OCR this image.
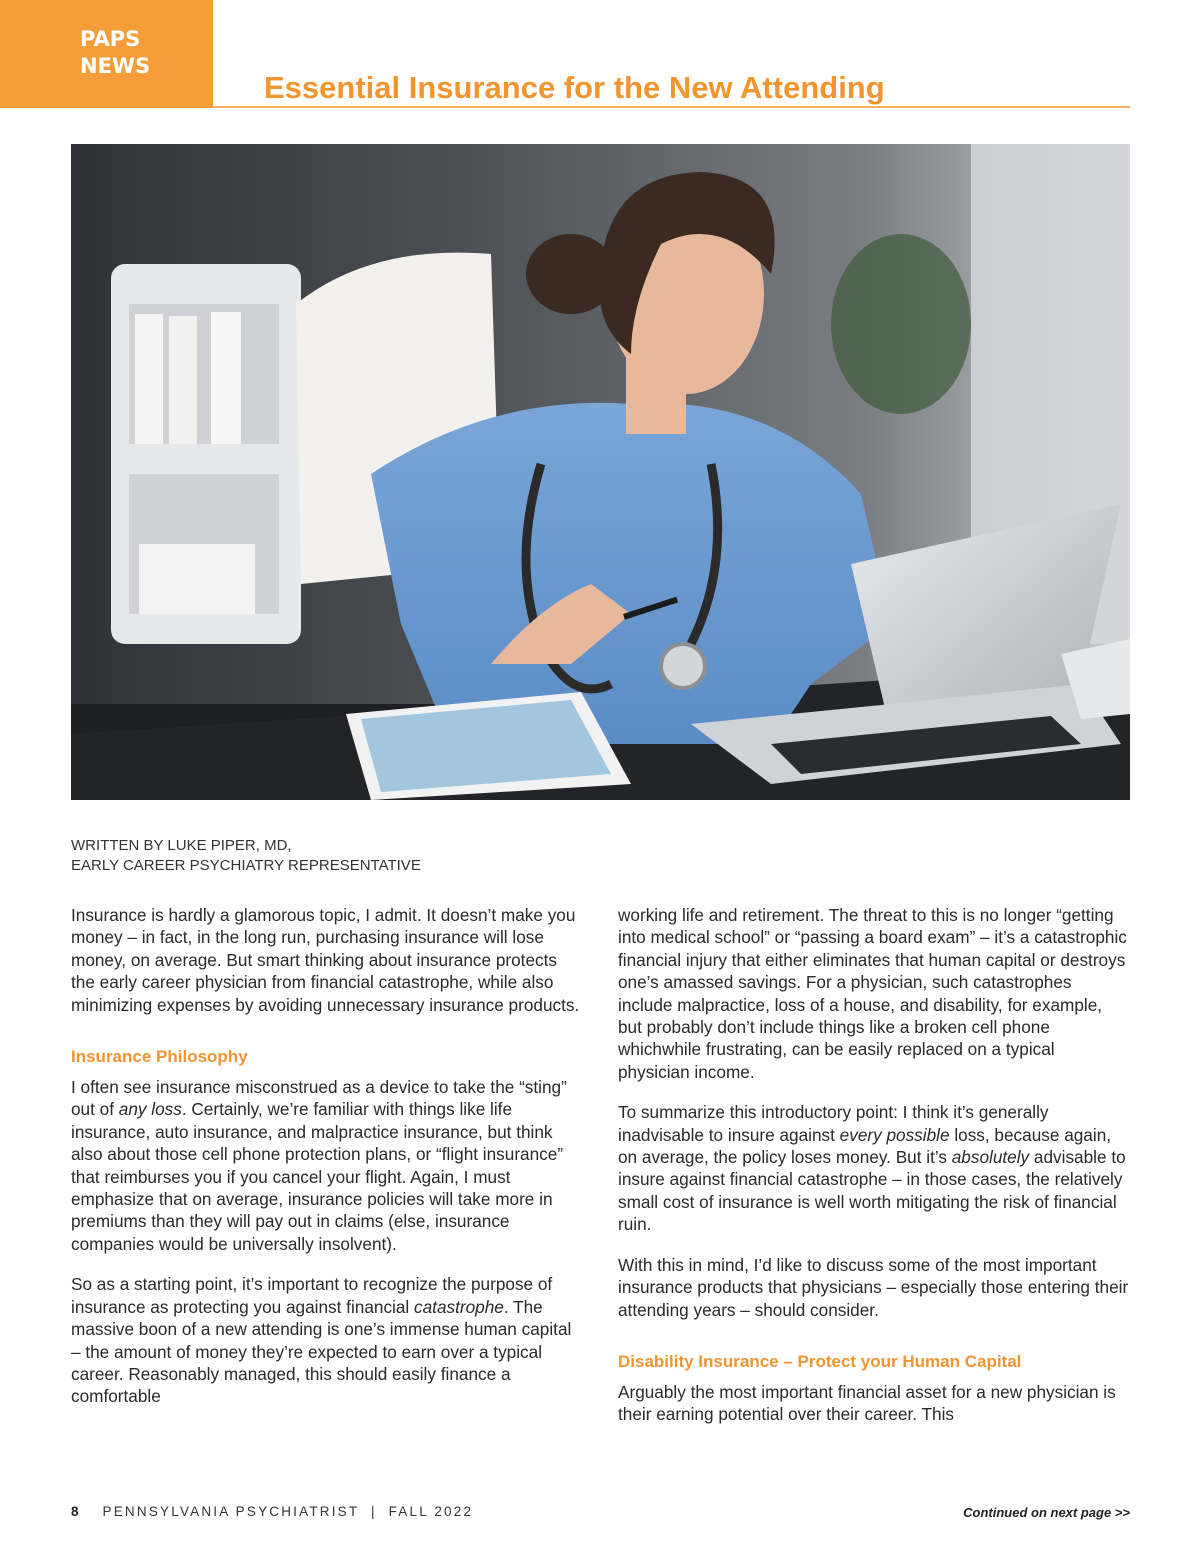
PAPS
NEWS
Essential Insurance for the New Attending
WRITTEN BY LUKE PIPER, MD,
EARLY CAREER PSYCHIATRY REPRESENTATIVE

Insurance is hardly a glamorous topic, I admit. It doesn’t make you money – in fact, in the long run, purchasing insurance will lose money, on average. But smart thinking about insurance protects the early career physician from financial catastrophe, while also minimizing expenses by avoiding unnecessary insurance products.

Insurance Philosophy

I often see insurance misconstrued as a device to take the “sting” out of any loss. Certainly, we’re familiar with things like life insurance, auto insurance, and malpractice insurance, but think also about those cell phone protection plans, or “flight insurance” that reimburses you if you cancel your flight. Again, I must emphasize that on average, insurance policies will take more in premiums than they will pay out in claims (else, insurance companies would be universally insolvent).

So as a starting point, it’s important to recognize the purpose of insurance as protecting you against financial catastrophe. The massive boon of a new attending is one’s immense human capital – the amount of money they’re expected to earn over a typical career. Reasonably managed, this should easily finance a comfortable

working life and retirement. The threat to this is no longer “getting into medical school” or “passing a board exam” – it’s a catastrophic financial injury that either eliminates that human capital or destroys one’s amassed savings. For a physician, such catastrophes include malpractice, loss of a house, and disability, for example, but probably don’t include things like a broken cell phone whichwhile frustrating, can be easily replaced on a typical physician income.

To summarize this introductory point: I think it’s generally inadvisable to insure against every possible loss, because again, on average, the policy loses money. But it’s absolutely advisable to insure against financial catastrophe – in those cases, the relatively small cost of insurance is well worth mitigating the risk of financial ruin.

With this in mind, I’d like to discuss some of the most important insurance products that physicians – especially those entering their attending years – should consider.

Disability Insurance – Protect your Human Capital

Arguably the most important financial asset for a new physician is their earning potential over their career. This

8 PENNSYLVANIA PSYCHIATRIST  |  FALL 2022	Continued on next page >>
